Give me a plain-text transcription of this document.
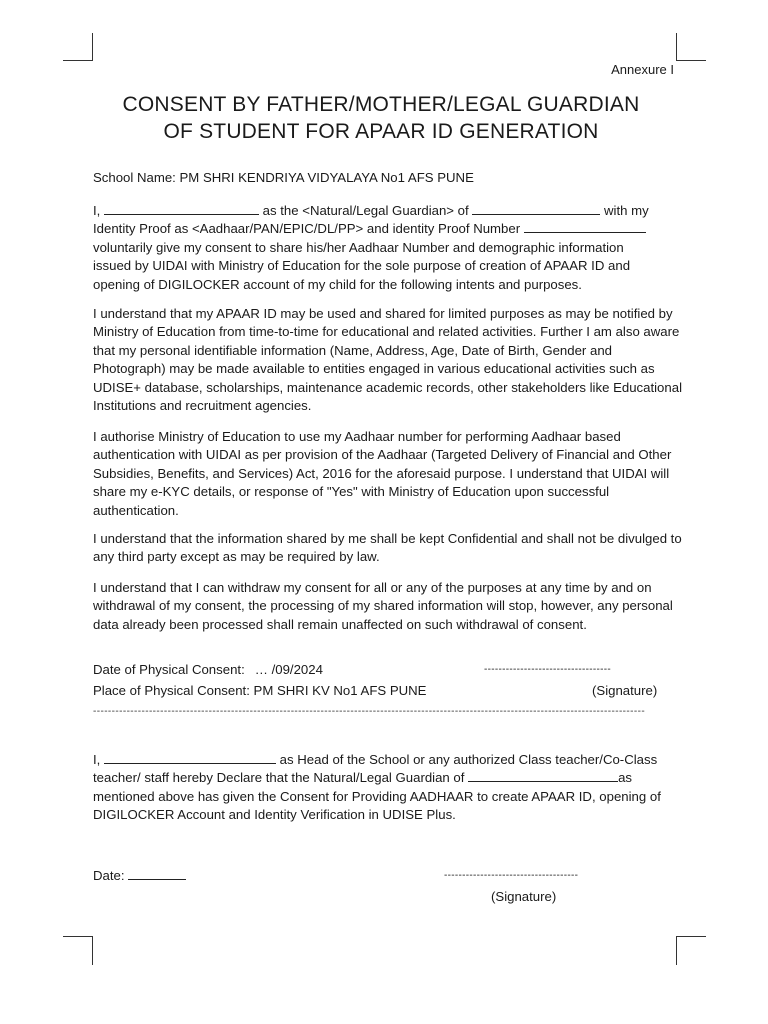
Annexure I
CONSENT BY FATHER/MOTHER/LEGAL GUARDIAN
OF STUDENT FOR APAAR ID GENERATION
School Name: PM SHRI KENDRIYA VIDYALAYA No1 AFS PUNE
I,	as the <Natural/Legal Guardian> of	with my
Identity Proof as <Aadhaar/PAN/EPIC/DL/PP> and identity Proof Number
voluntarily give my consent to share his/her Aadhaar Number and demographic information
issued by UIDAI with Ministry of Education for the sole purpose of creation of APAAR ID and
opening of DIGILOCKER account of my child for the following intents and purposes.
I understand that my APAAR ID may be used and shared for limited purposes as may be notified by Ministry of Education from time-to-time for educational and related activities. Further I am also aware that my personal identifiable information (Name, Address, Age, Date of Birth, Gender and Photograph) may be made available to entities engaged in various educational activities such as UDISE+ database, scholarships, maintenance academic records, other stakeholders like Educational Institutions and recruitment agencies.
I authorise Ministry of Education to use my Aadhaar number for performing Aadhaar based authentication with UIDAI as per provision of the Aadhaar (Targeted Delivery of Financial and Other Subsidies, Benefits, and Services) Act, 2016 for the aforesaid purpose. I understand that UIDAI will share my e-KYC details, or response of "Yes" with Ministry of Education upon successful authentication.
I understand that the information shared by me shall be kept Confidential and shall not be divulged to any third party except as may be required by law.
I understand that I can withdraw my consent for all or any of the purposes at any time by and on withdrawal of my consent, the processing of my shared information will stop, however, any personal data already been processed shall remain unaffected on such withdrawal of consent.
Date of Physical Consent: … /09/2024	-----------------------------------
Place of Physical Consent: PM SHRI KV No1 AFS PUNE	(Signature)
----------------------------------------------------------------------------------------------------------------------------------------------------
I,	as Head of the School or any authorized Class teacher/Co-Class
teacher/ staff hereby Declare that the Natural/Legal Guardian of	as
mentioned above has given the Consent for Providing AADHAAR to create APAAR ID, opening of
DIGILOCKER Account and Identity Verification in UDISE Plus.
Date:	-------------------------------------
(Signature)
